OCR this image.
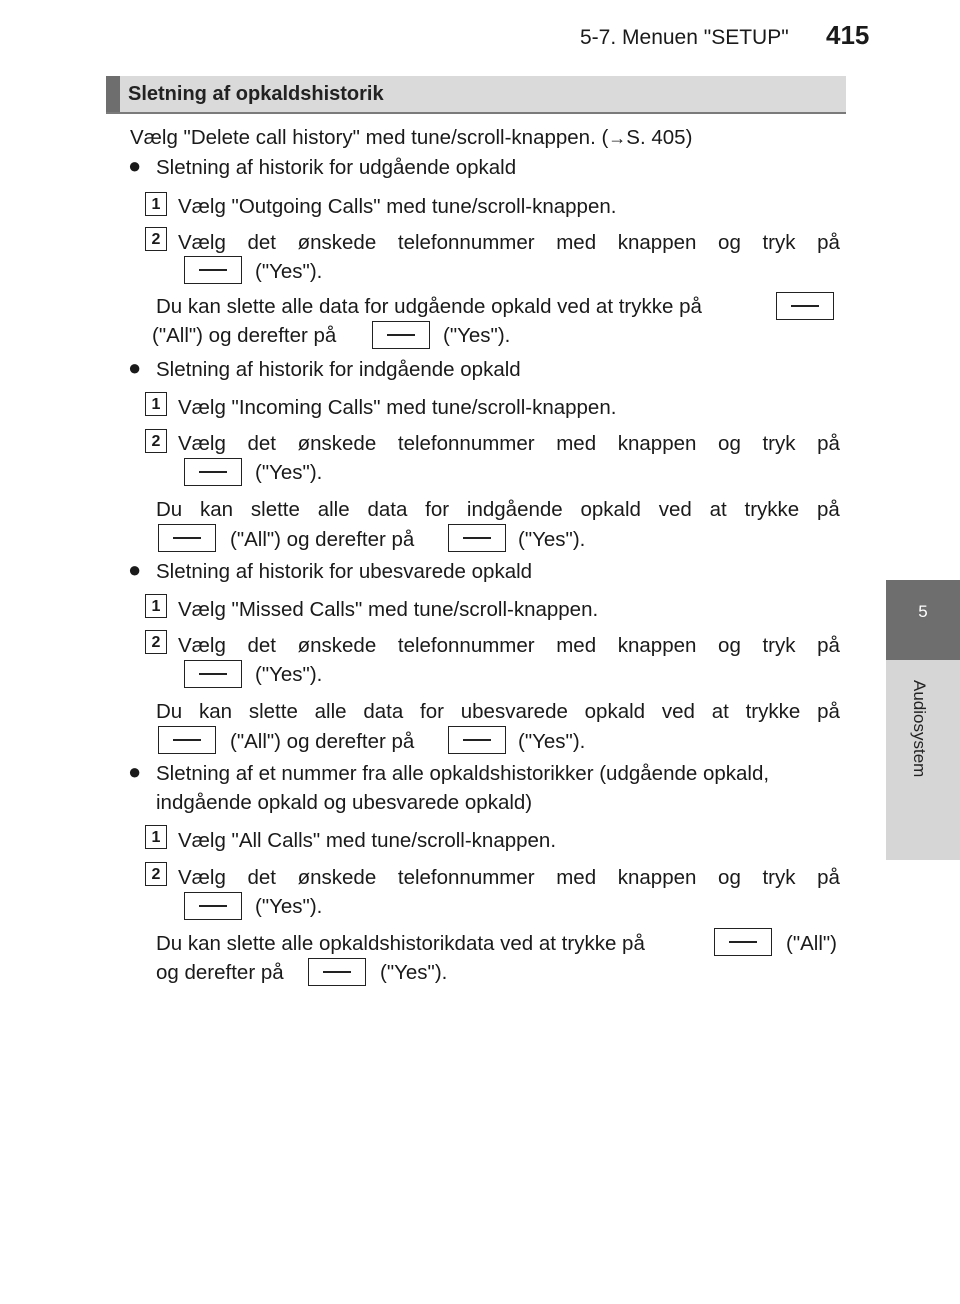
5-7. Menuen "SETUP" 415
5
Audiosystem
Sletning af opkaldshistorik
Vælg "Delete call history" med tune/scroll-knappen. (→S. 405)
● Sletning af historik for udgående opkald
1 Vælg "Outgoing Calls" med tune/scroll-knappen.
2 Vælg det ønskede telefonnummer med knappen og tryk på
("Yes").
Du kan slette alle data for udgående opkald ved at trykke på
("All") og derefter på	("Yes").
● Sletning af historik for indgående opkald
1 Vælg "Incoming Calls" med tune/scroll-knappen.
2 Vælg det ønskede telefonnummer med knappen og tryk på
("Yes").
Du kan slette alle data for indgående opkald ved at trykke på
("All") og derefter på	("Yes").
● Sletning af historik for ubesvarede opkald
1 Vælg "Missed Calls" med tune/scroll-knappen.
2 Vælg det ønskede telefonnummer med knappen og tryk på
("Yes").
Du kan slette alle data for ubesvarede opkald ved at trykke på
("All") og derefter på	("Yes").
● Sletning af et nummer fra alle opkaldshistorikker (udgående opkald,
indgående opkald og ubesvarede opkald)
1 Vælg "All Calls" med tune/scroll-knappen.
2 Vælg det ønskede telefonnummer med knappen og tryk på
("Yes").
Du kan slette alle opkaldshistorikdata ved at trykke på	("All")
og derefter på	("Yes").
